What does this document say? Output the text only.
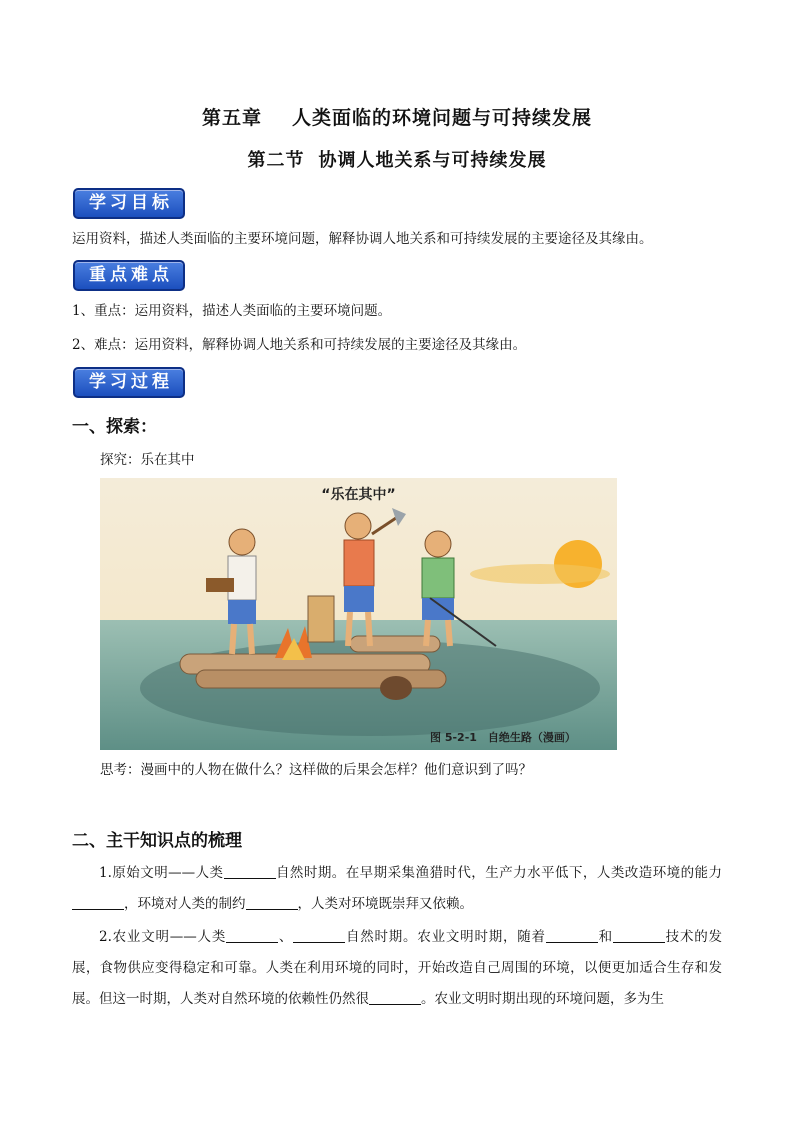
第五章 人类面临的环境问题与可持续发展
第二节 协调人地关系与可持续发展
学习目标
运用资料，描述人类面临的主要环境问题，解释协调人地关系和可持续发展的主要途径及其缘由。
重点难点
1、重点：运用资料，描述人类面临的主要环境问题。
2、难点：运用资料，解释协调人地关系和可持续发展的主要途径及其缘由。
学习过程
一、探索：
探究：乐在其中
“乐在其中”
图 5-2-1　自绝生路（漫画）
思考：漫画中的人物在做什么？这样做的后果会怎样？他们意识到了吗？
二、主干知识点的梳理
1.原始文明——人类	自然时期。在早期采集渔猎时代，生产力水平低下，人类改造环境的能力，环境对人类的制约	，人类对环境既崇拜又依赖。
2.农业文明——人类	、	自然时期。农业文明时期，随着	和	技术的发展，食物供应变得稳定和可靠。人类在利用环境的同时，开始改造自己周围的环境，以便更加适合生存和发展。但这一时期，人类对自然环境的依赖性仍然很	。农业文明时期出现的环境问题，多为生
